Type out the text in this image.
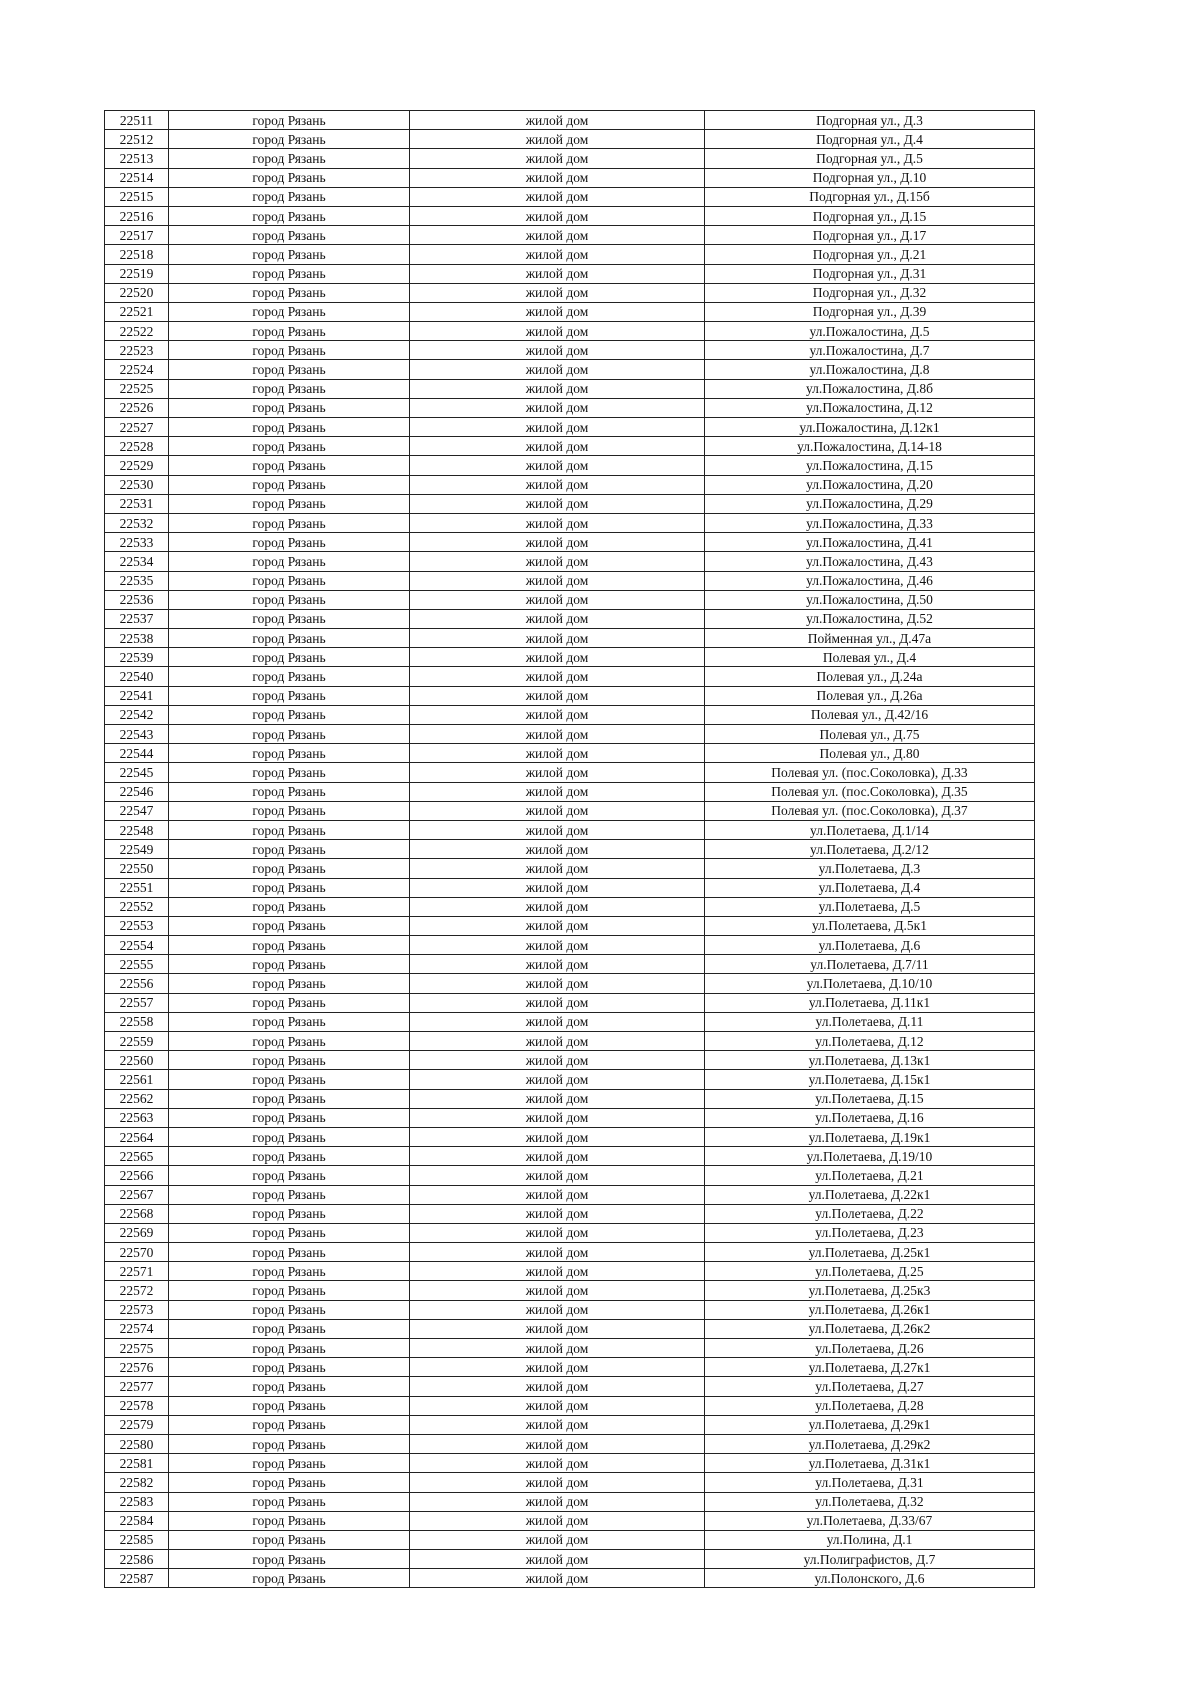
22511	город Рязань	жилой дом	Подгорная ул., Д.3
22512	город Рязань	жилой дом	Подгорная ул., Д.4
22513	город Рязань	жилой дом	Подгорная ул., Д.5
22514	город Рязань	жилой дом	Подгорная ул., Д.10
22515	город Рязань	жилой дом	Подгорная ул., Д.15б
22516	город Рязань	жилой дом	Подгорная ул., Д.15
22517	город Рязань	жилой дом	Подгорная ул., Д.17
22518	город Рязань	жилой дом	Подгорная ул., Д.21
22519	город Рязань	жилой дом	Подгорная ул., Д.31
22520	город Рязань	жилой дом	Подгорная ул., Д.32
22521	город Рязань	жилой дом	Подгорная ул., Д.39
22522	город Рязань	жилой дом	ул.Пожалостина, Д.5
22523	город Рязань	жилой дом	ул.Пожалостина, Д.7
22524	город Рязань	жилой дом	ул.Пожалостина, Д.8
22525	город Рязань	жилой дом	ул.Пожалостина, Д.8б
22526	город Рязань	жилой дом	ул.Пожалостина, Д.12
22527	город Рязань	жилой дом	ул.Пожалостина, Д.12к1
22528	город Рязань	жилой дом	ул.Пожалостина, Д.14-18
22529	город Рязань	жилой дом	ул.Пожалостина, Д.15
22530	город Рязань	жилой дом	ул.Пожалостина, Д.20
22531	город Рязань	жилой дом	ул.Пожалостина, Д.29
22532	город Рязань	жилой дом	ул.Пожалостина, Д.33
22533	город Рязань	жилой дом	ул.Пожалостина, Д.41
22534	город Рязань	жилой дом	ул.Пожалостина, Д.43
22535	город Рязань	жилой дом	ул.Пожалостина, Д.46
22536	город Рязань	жилой дом	ул.Пожалостина, Д.50
22537	город Рязань	жилой дом	ул.Пожалостина, Д.52
22538	город Рязань	жилой дом	Пойменная ул., Д.47а
22539	город Рязань	жилой дом	Полевая ул., Д.4
22540	город Рязань	жилой дом	Полевая ул., Д.24а
22541	город Рязань	жилой дом	Полевая ул., Д.26а
22542	город Рязань	жилой дом	Полевая ул., Д.42/16
22543	город Рязань	жилой дом	Полевая ул., Д.75
22544	город Рязань	жилой дом	Полевая ул., Д.80
22545	город Рязань	жилой дом	Полевая ул. (пос.Соколовка), Д.33
22546	город Рязань	жилой дом	Полевая ул. (пос.Соколовка), Д.35
22547	город Рязань	жилой дом	Полевая ул. (пос.Соколовка), Д.37
22548	город Рязань	жилой дом	ул.Полетаева, Д.1/14
22549	город Рязань	жилой дом	ул.Полетаева, Д.2/12
22550	город Рязань	жилой дом	ул.Полетаева, Д.3
22551	город Рязань	жилой дом	ул.Полетаева, Д.4
22552	город Рязань	жилой дом	ул.Полетаева, Д.5
22553	город Рязань	жилой дом	ул.Полетаева, Д.5к1
22554	город Рязань	жилой дом	ул.Полетаева, Д.6
22555	город Рязань	жилой дом	ул.Полетаева, Д.7/11
22556	город Рязань	жилой дом	ул.Полетаева, Д.10/10
22557	город Рязань	жилой дом	ул.Полетаева, Д.11к1
22558	город Рязань	жилой дом	ул.Полетаева, Д.11
22559	город Рязань	жилой дом	ул.Полетаева, Д.12
22560	город Рязань	жилой дом	ул.Полетаева, Д.13к1
22561	город Рязань	жилой дом	ул.Полетаева, Д.15к1
22562	город Рязань	жилой дом	ул.Полетаева, Д.15
22563	город Рязань	жилой дом	ул.Полетаева, Д.16
22564	город Рязань	жилой дом	ул.Полетаева, Д.19к1
22565	город Рязань	жилой дом	ул.Полетаева, Д.19/10
22566	город Рязань	жилой дом	ул.Полетаева, Д.21
22567	город Рязань	жилой дом	ул.Полетаева, Д.22к1
22568	город Рязань	жилой дом	ул.Полетаева, Д.22
22569	город Рязань	жилой дом	ул.Полетаева, Д.23
22570	город Рязань	жилой дом	ул.Полетаева, Д.25к1
22571	город Рязань	жилой дом	ул.Полетаева, Д.25
22572	город Рязань	жилой дом	ул.Полетаева, Д.25к3
22573	город Рязань	жилой дом	ул.Полетаева, Д.26к1
22574	город Рязань	жилой дом	ул.Полетаева, Д.26к2
22575	город Рязань	жилой дом	ул.Полетаева, Д.26
22576	город Рязань	жилой дом	ул.Полетаева, Д.27к1
22577	город Рязань	жилой дом	ул.Полетаева, Д.27
22578	город Рязань	жилой дом	ул.Полетаева, Д.28
22579	город Рязань	жилой дом	ул.Полетаева, Д.29к1
22580	город Рязань	жилой дом	ул.Полетаева, Д.29к2
22581	город Рязань	жилой дом	ул.Полетаева, Д.31к1
22582	город Рязань	жилой дом	ул.Полетаева, Д.31
22583	город Рязань	жилой дом	ул.Полетаева, Д.32
22584	город Рязань	жилой дом	ул.Полетаева, Д.33/67
22585	город Рязань	жилой дом	ул.Полина, Д.1
22586	город Рязань	жилой дом	ул.Полиграфистов, Д.7
22587	город Рязань	жилой дом	ул.Полонского, Д.6
